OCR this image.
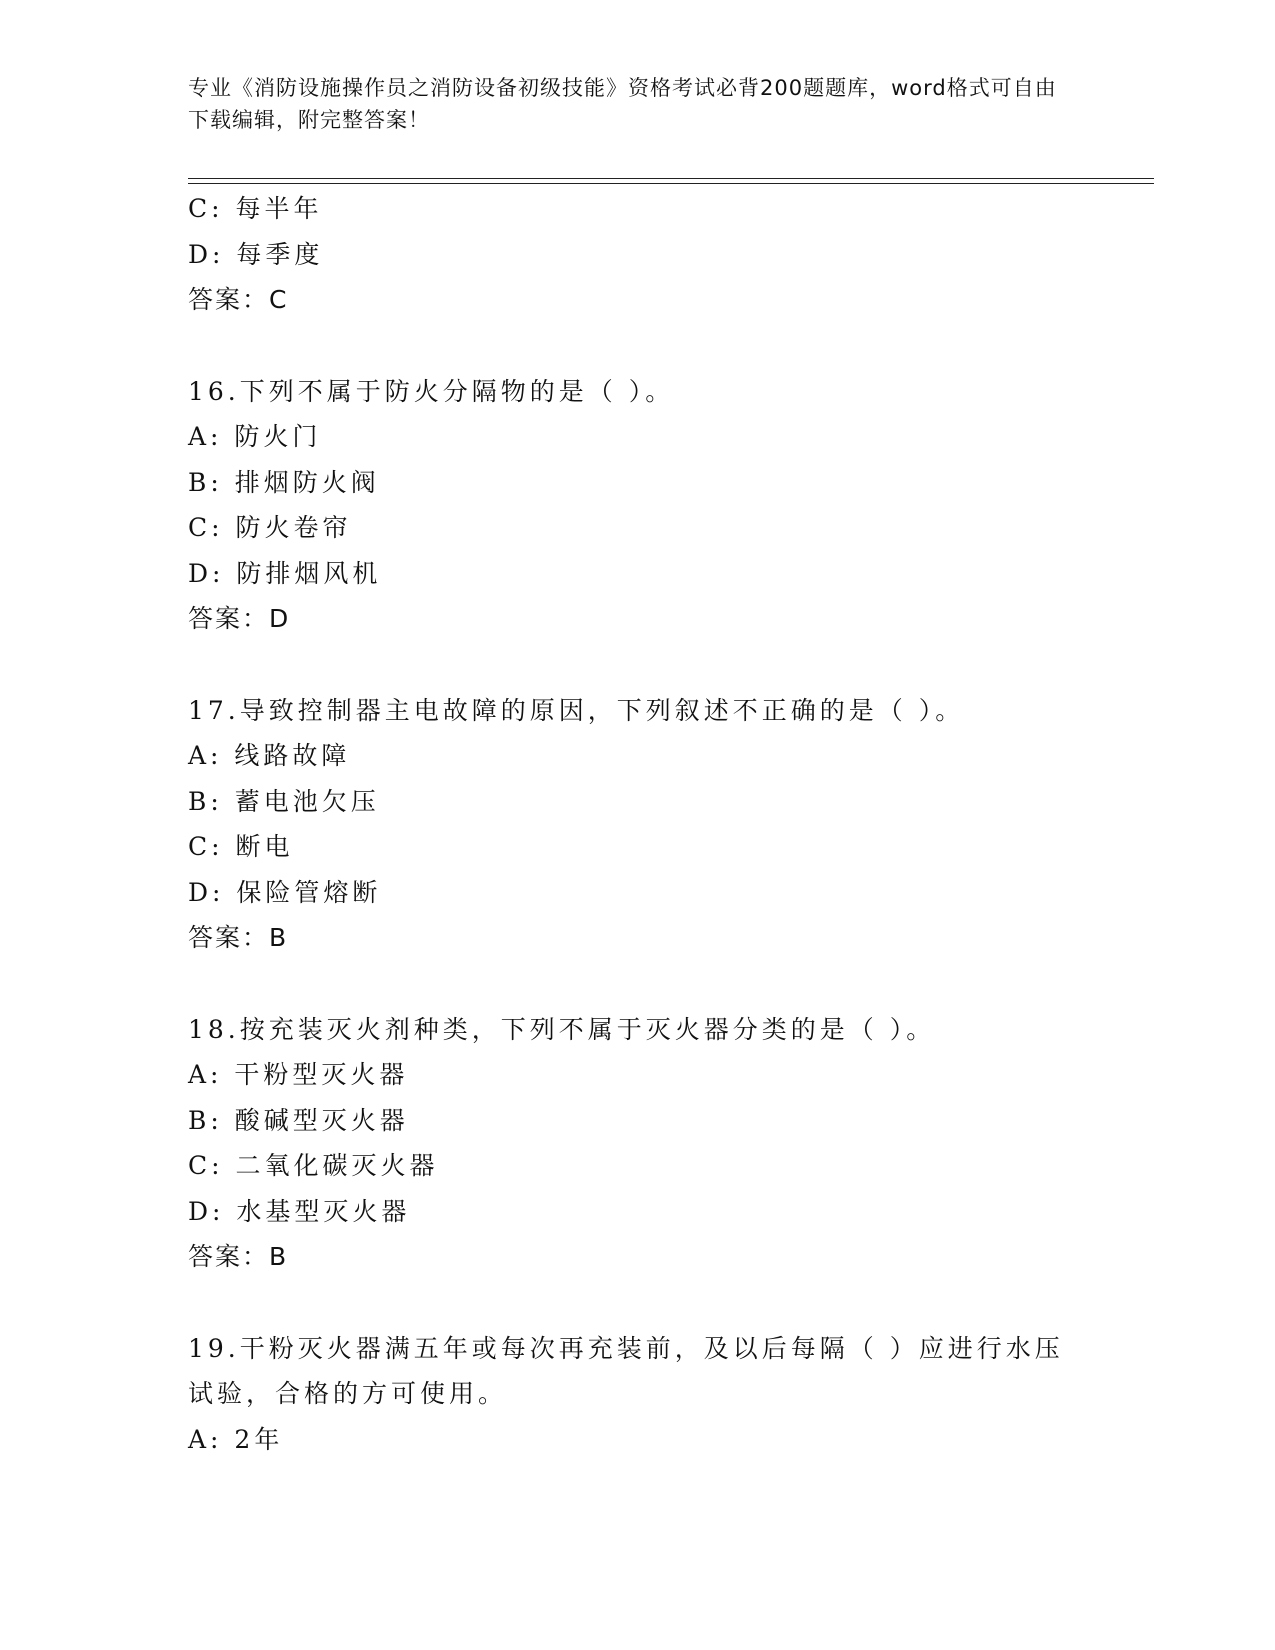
专业《消防设施操作员之消防设备初级技能》资格考试必背200题题库，word格式可自由下载编辑，附完整答案！
C: 每半年
D: 每季度
答案：C
16.下列不属于防火分隔物的是（ ）。
A: 防火门
B: 排烟防火阀
C: 防火卷帘
D: 防排烟风机
答案：D
17.导致控制器主电故障的原因，下列叙述不正确的是（ ）。
A: 线路故障
B: 蓄电池欠压
C: 断电
D: 保险管熔断
答案：B
18.按充装灭火剂种类，下列不属于灭火器分类的是（ ）。
A: 干粉型灭火器
B: 酸碱型灭火器
C: 二氧化碳灭火器
D: 水基型灭火器
答案：B
19.干粉灭火器满五年或每次再充装前，及以后每隔（ ）应进行水压
试验，合格的方可使用。
A: 2年
